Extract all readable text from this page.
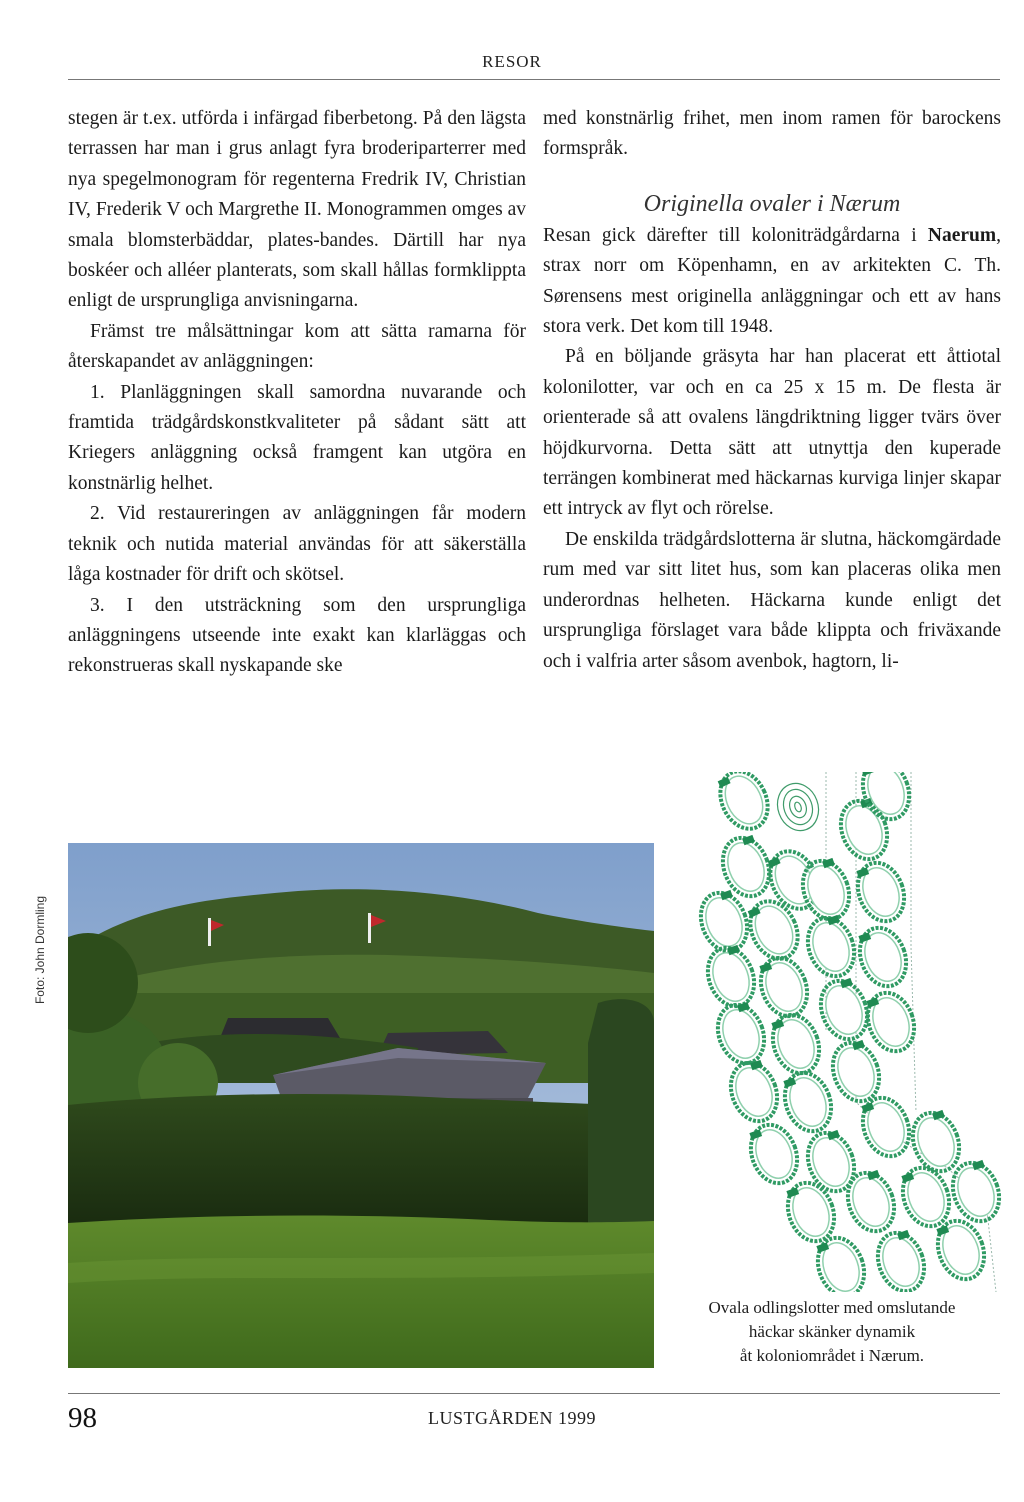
RESOR

stegen är t.ex. utförda i infärgad fiberbetong. På den lägsta terrassen har man i grus anlagt fyra broderiparterrer med nya spegelmonogram för regenterna Fredrik IV, Christian IV, Frederik V och Margrethe II. Monogrammen omges av smala blomsterbäddar, plates-bandes. Därtill har nya boskéer och alléer planterats, som skall hållas formklippta enligt de ursprungliga anvisningarna.

Främst tre målsättningar kom att sätta ramarna för återskapandet av anläggningen:

1. Planläggningen skall samordna nuvarande och framtida trädgårdskonstkvaliteter på sådant sätt att Kriegers anläggning också framgent kan utgöra en konstnärlig helhet.

2. Vid restaureringen av anläggningen får modern teknik och nutida material användas för att säkerställa låga kostnader för drift och skötsel.

3. I den utsträckning som den ursprungliga anläggningens utseende inte exakt kan klarläggas och rekonstrueras skall nyskapande ske

med konstnärlig frihet, men inom ramen för barockens formspråk.

Originella ovaler i Nærum

Resan gick därefter till koloniträdgårdarna i Naerum, strax norr om Köpenhamn, en av arkitekten C. Th. Sørensens mest originella anläggningar och ett av hans stora verk. Det kom till 1948.

På en böljande gräsyta har han placerat ett åttiotal kolonilotter, var och en ca 25 x 15 m. De flesta är orienterade så att ovalens längdriktning ligger tvärs över höjdkurvorna. Detta sätt att utnyttja den kuperade terrängen kombinerat med häckarnas kurviga linjer skapar ett intryck av flyt och rörelse.

De enskilda trädgårdslotterna är slutna, häckomgärdade rum med var sitt litet hus, som kan placeras olika men underordnas helheten. Häckarna kunde enligt det ursprungliga förslaget vara både klippta och friväxande och i valfria arter såsom avenbok, hagtorn, li-

Foto: John Dormling
Ovala odlingslotter med omslutande
häckar skänker dynamik
åt koloniområdet i Nærum.
98	LUSTGÅRDEN 1999
